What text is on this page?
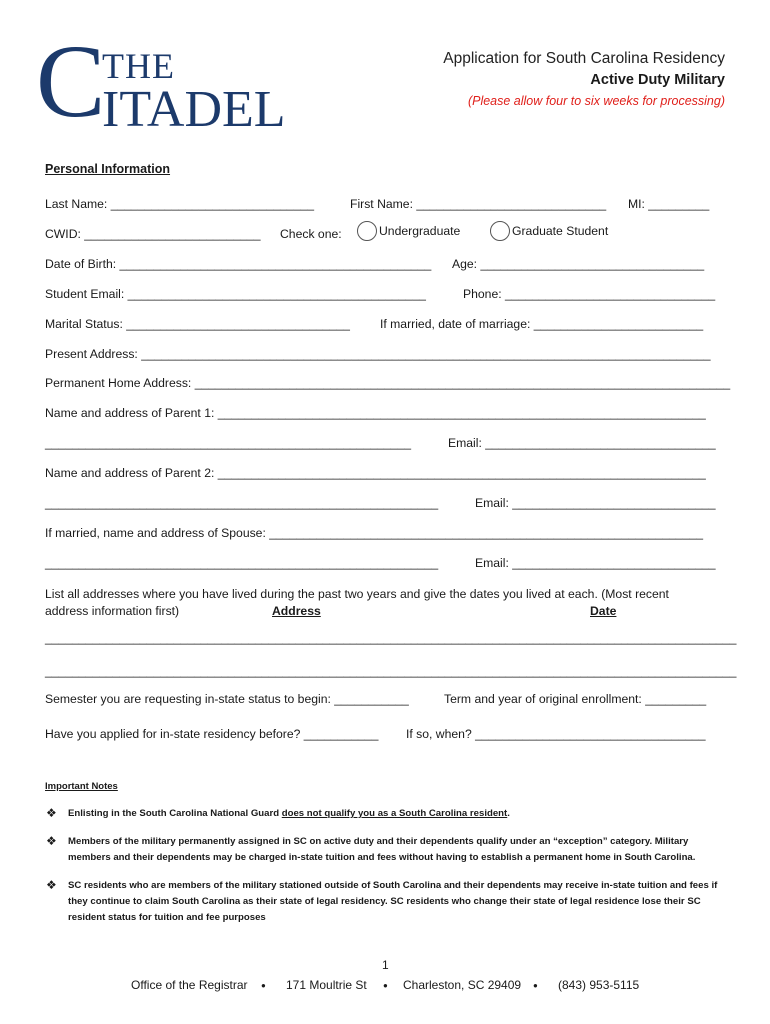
C
THE
ITADEL
Application for South Carolina Residency
Active Duty Military
(Please allow four to six weeks for processing)
Personal Information
Last Name: ______________________________	First Name: ____________________________ MI: _________
CWID: __________________________ Check one:	Undergraduate	Graduate Student
Date of Birth: ______________________________________________ Age: _________________________________
Student Email: ____________________________________________	Phone: _______________________________
Marital Status: _________________________________ If married, date of marriage: _________________________
Present Address: ____________________________________________________________________________________
Permanent Home Address: _______________________________________________________________________________
Name and address of Parent 1: ________________________________________________________________________
______________________________________________________	Email: __________________________________
Name and address of Parent 2: ________________________________________________________________________
__________________________________________________________	Email: ______________________________
If married, name and address of Spouse: ________________________________________________________________
__________________________________________________________	Email: ______________________________
List all addresses where you have lived during the past two years and give the dates you lived at each. (Most recent
address information first)	Address	Date
______________________________________________________________________________________________________
______________________________________________________________________________________________________
Semester you are requesting in-state status to begin: ___________	Term and year of original enrollment: _________
Have you applied for in-state residency before? ___________ If so, when? __________________________________
Important Notes
❖ Enlisting in the South Carolina National Guard does not qualify you as a South Carolina resident.
❖ Members of the military permanently assigned in SC on active duty and their dependents qualify under an “exception” category. Military members and their dependents may be charged in-state tuition and fees without having to establish a permanent home in South Carolina.
❖ SC residents who are members of the military stationed outside of South Carolina and their dependents may receive in-state tuition and fees if they continue to claim South Carolina as their state of legal residency. SC residents who change their state of legal residence lose their SC resident status for tuition and fee purposes
1
Office of the Registrar ● 171 Moultrie St ● Charleston, SC 29409 ● (843) 953-5115
